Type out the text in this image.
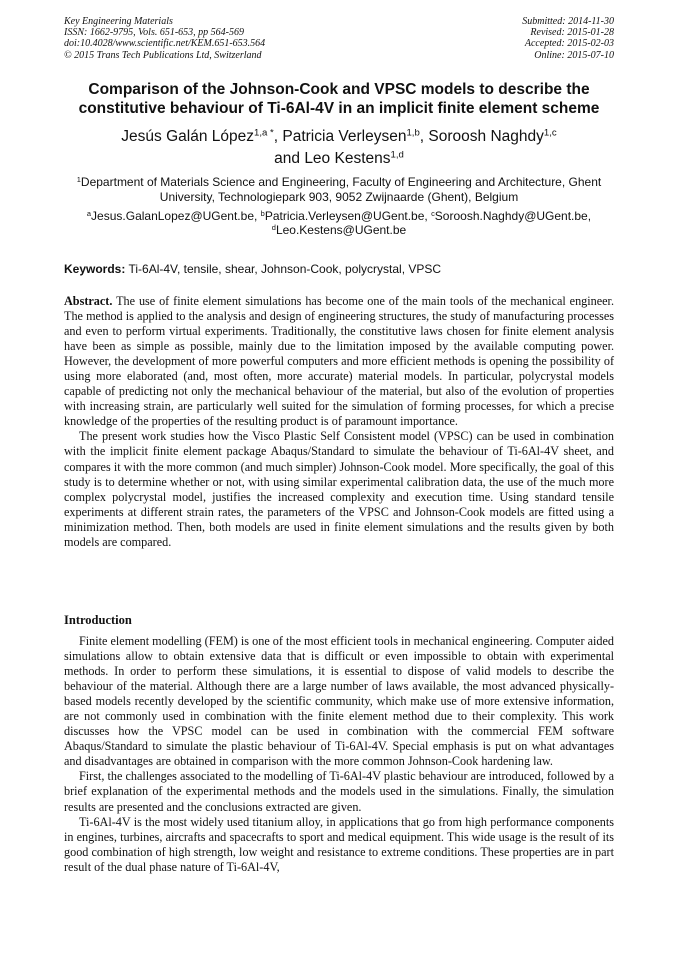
Key Engineering Materials
ISSN: 1662-9795, Vols. 651-653, pp 564-569
doi:10.4028/www.scientific.net/KEM.651-653.564
© 2015 Trans Tech Publications Ltd, Switzerland
Submitted: 2014-11-30
Revised: 2015-01-28
Accepted: 2015-02-03
Online: 2015-07-10
Comparison of the Johnson-Cook and VPSC models to describe the
constitutive behaviour of Ti-6Al-4V in an implicit finite element scheme
Jesús Galán López$^{1,a *}$, Patricia Verleysen$^{1,b}$, Soroosh Naghdy$^{1,c}$
and Leo Kestens$^{1,d}$
$^1$Department of Materials Science and Engineering, Faculty of Engineering and Architecture, Ghent
University, Technologiepark 903, 9052 Zwijnaarde (Ghent), Belgium
$^a$Jesus.GalanLopez@UGent.be, $^b$Patricia.Verleysen@UGent.be, $^c$Soroosh.Naghdy@UGent.be,
$^d$Leo.Kestens@UGent.be
Keywords: Ti-6Al-4V, tensile, shear, Johnson-Cook, polycrystal, VPSC

Abstract. The use of finite element simulations has become one of the main tools of the mechanical engineer. The method is applied to the analysis and design of engineering structures, the study of manufacturing processes and even to perform virtual experiments. Traditionally, the constitutive laws chosen for finite element analysis have been as simple as possible, mainly due to the limitation imposed by the available computing power. However, the development of more powerful computers and more efficient methods is opening the possibility of using more elaborated (and, most often, more accurate) material models. In particular, polycrystal models capable of predicting not only the mechanical behaviour of the material, but also of the evolution of properties with increasing strain, are particularly well suited for the simulation of forming processes, for which a precise knowledge of the properties of the resulting product is of paramount importance.

The present work studies how the Visco Plastic Self Consistent model (VPSC) can be used in combination with the implicit finite element package Abaqus/Standard to simulate the behaviour of Ti-6Al-4V sheet, and compares it with the more common (and much simpler) Johnson-Cook model. More specifically, the goal of this study is to determine whether or not, with using similar experimental calibration data, the use of the much more complex polycrystal model, justifies the increased complexity and execution time. Using standard tensile experiments at different strain rates, the parameters of the VPSC and Johnson-Cook models are fitted using a minimization method. Then, both models are used in finite element simulations and the results given by both models are compared.

Introduction

Finite element modelling (FEM) is one of the most efficient tools in mechanical engineering. Computer aided simulations allow to obtain extensive data that is difficult or even impossible to obtain with experimental methods. In order to perform these simulations, it is essential to dispose of valid models to describe the behaviour of the material. Although there are a large number of laws available, the most advanced physically-based models recently developed by the scientific community, which make use of more extensive information, are not commonly used in combination with the finite element method due to their complexity. This work discusses how the VPSC model can be used in combination with the commercial FEM software Abaqus/Standard to simulate the plastic behaviour of Ti-6Al-4V. Special emphasis is put on what advantages and disadvantages are obtained in comparison with the more common Johnson-Cook hardening law.

First, the challenges associated to the modelling of Ti-6Al-4V plastic behaviour are introduced, followed by a brief explanation of the experimental methods and the models used in the simulations. Finally, the simulation results are presented and the conclusions extracted are given.

Ti-6Al-4V is the most widely used titanium alloy, in applications that go from high performance components in engines, turbines, aircrafts and spacecrafts to sport and medical equipment. This wide usage is the result of its good combination of high strength, low weight and resistance to extreme conditions. These properties are in part result of the dual phase nature of Ti-6Al-4V,
